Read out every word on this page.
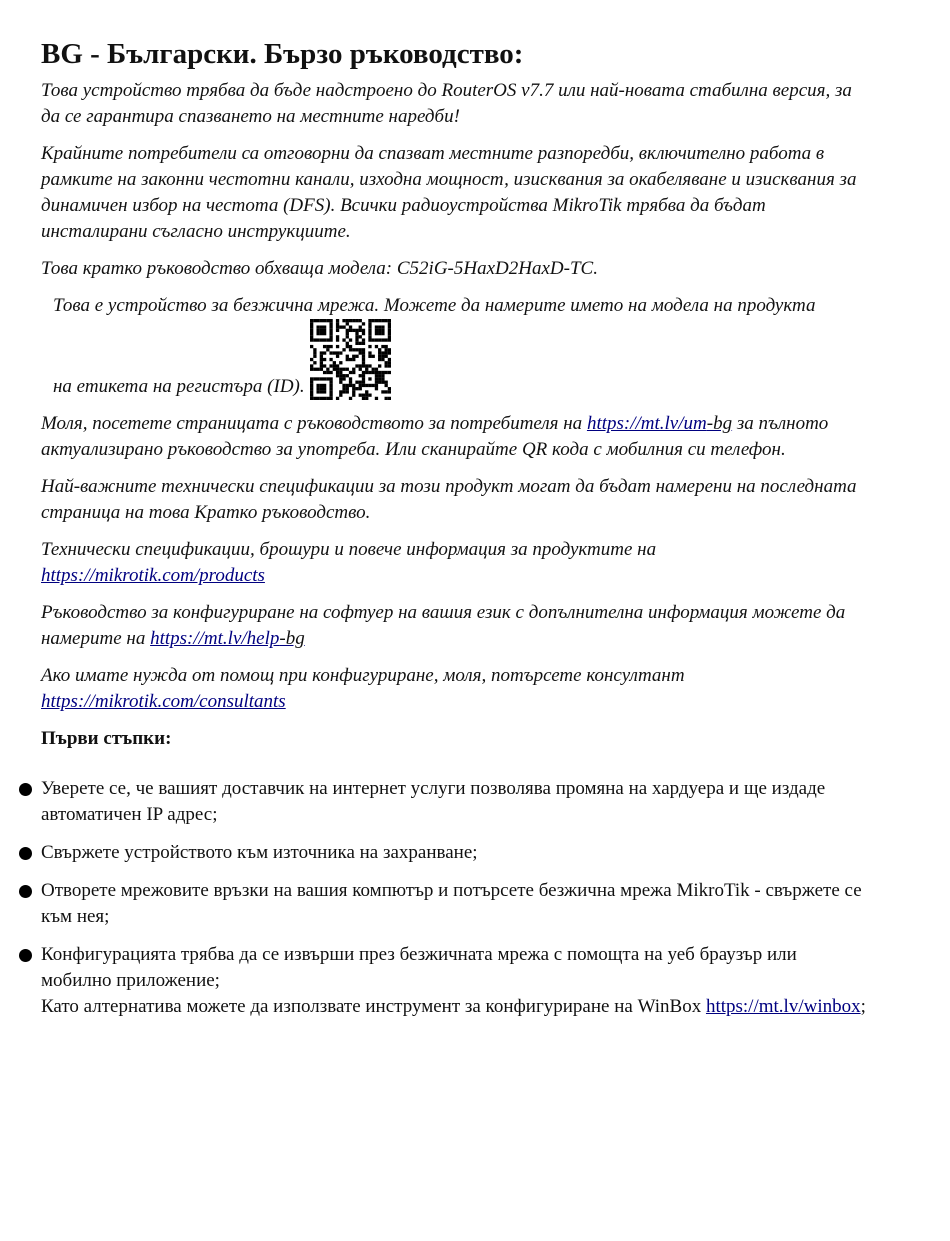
BG - Български. Бързо ръководство:

Това устройство трябва да бъде надстроено до RouterOS v7.7 или най-новата стабилна версия, за да се гарантира спазването на местните наредби!

Крайните потребители са отговорни да спазват местните разпоредби, включително работа в рамките на законни честотни канали, изходна мощност, изисквания за окабеляване и изисквания за динамичен избор на честота (DFS). Всички радиоустройства MikroTik трябва да бъдат инсталирани съгласно инструкциите.

Това кратко ръководство обхваща модела: C52iG-5HaxD2HaxD-TC.

Това е устройство за безжична мрежа. Можете да намерите името на модела на продукта

на етикета на регистъра (ID).

Моля, посетете страницата с ръководството за потребителя на https://mt.lv/um-bg за пълното актуализирано ръководство за употреба. Или сканирайте QR кода с мобилния си телефон.

Най-важните технически спецификации за този продукт могат да бъдат намерени на последната страница на това Кратко ръководство.

Технически спецификации, брошури и повече информация за продуктите на https://mikrotik.com/products

Ръководство за конфигуриране на софтуер на вашия език с допълнителна информация можете да намерите на https://mt.lv/help-bg

Ако имате нужда от помощ при конфигуриране, моля, потърсете консултант https://mikrotik.com/consultants

Първи стъпки:

Уверете се, че вашият доставчик на интернет услуги позволява промяна на хардуера и ще издаде автоматичен IP адрес;
Свържете устройството към източника на захранване;
Отворете мрежовите връзки на вашия компютър и потърсете безжична мрежа MikroTik - свържете се към нея;
Конфигурацията трябва да се извърши през безжичната мрежа с помощта на уеб браузър или мобилно приложение;
Като алтернатива можете да използвате инструмент за конфигуриране на WinBox https://mt.lv/winbox;
